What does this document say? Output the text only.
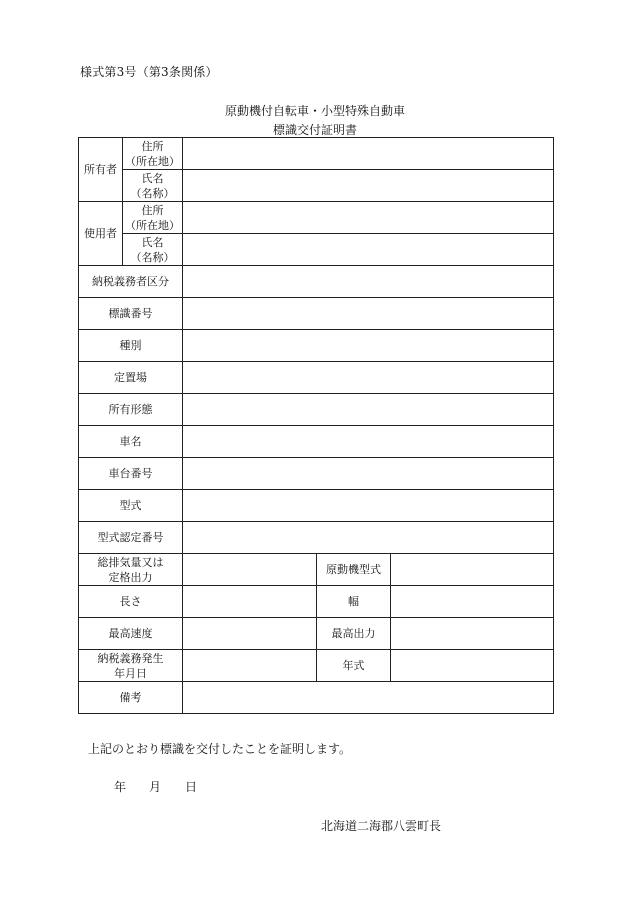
様式第3号（第3条関係）
原動機付自転車・小型特殊自動車
標識交付証明書
所有者	住所
（所在地）			

	氏名
（名称）			

使用者	住所
（所在地）			

	氏名
（名称）			

納税義務者区分				
標識番号				
種別				
定置場				
所有形態				
車名				
車台番号				
型式				
型式認定番号				

総排気量又は
定格出力			原動機型式	
長さ			幅	
最高速度			最高出力	

納税義務発生
年月日			年式	
備考				
上記のとおり標識を交付したことを証明します。
年 月 日
北海道二海郡八雲町長
